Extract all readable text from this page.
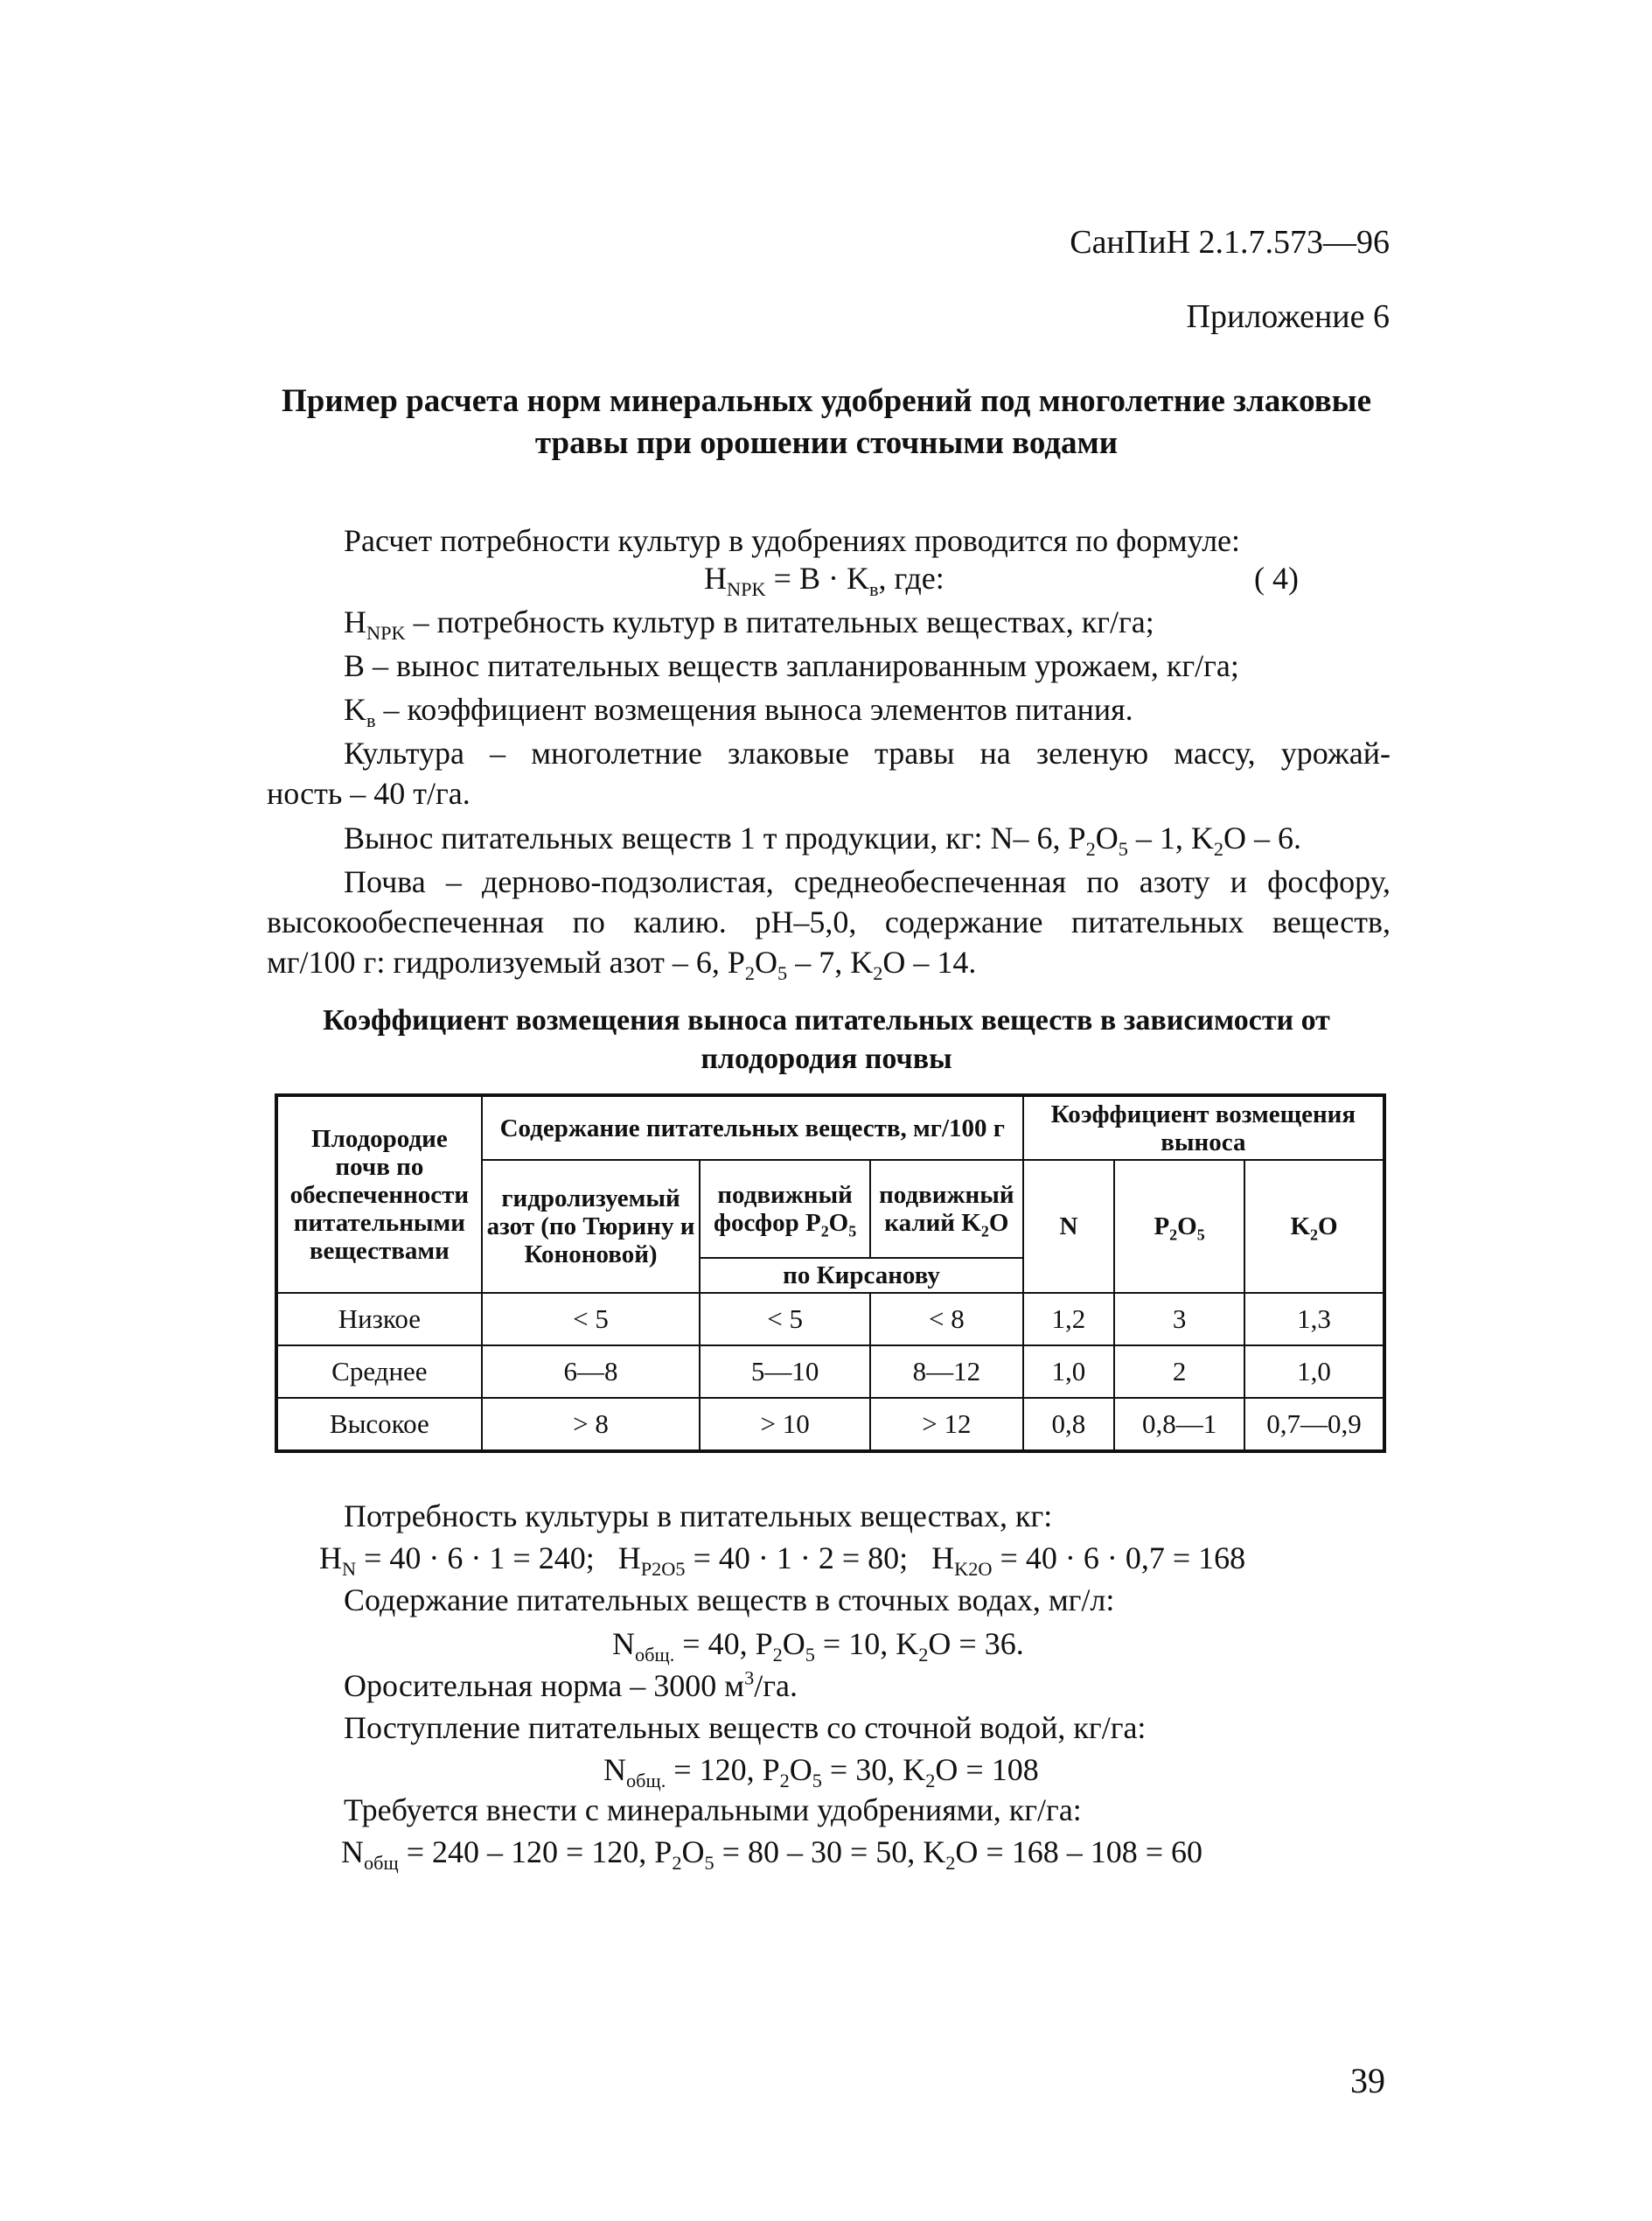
СанПиН 2.1.7.573—96
Приложение 6
Пример расчета норм минеральных удобрений под многолетние злаковые травы при орошении сточными водами
Расчет потребности культур в удобрениях проводится по формуле:
$H_{NPK} = B \cdot K_в$, где:	( 4)
$H_{NPK}$ – потребность культур в питательных веществах, кг/га;
B – вынос питательных веществ запланированным урожаем, кг/га;
$K_в$ – коэффициент возмещения выноса элементов питания.
Культура – многолетние злаковые травы на зеленую массу, урожай-
ность – 40 т/га.
Вынос питательных веществ 1 т продукции, кг: N– 6, $P_2O_5 - 1$, $K_2O - 6$.
Почва – дерново-подзолистая, среднеобеспеченная по азоту и фосфору,
высокообеспеченная по калию. pH–5,0, содержание питательных веществ,
мг/100 г: гидролизуемый азот – 6, $P_2O_5 - 7$, $K_2O - 14$.
Коэффициент возмещения выноса питательных веществ в зависимости от плодородия почвы
Плодородие почв по обеспеченности питательными веществами	Содержание питательных веществ, мг/100 г			Коэффициент возмещения выноса		
	гидролизуемый азот (по Тюрину и Кононовой)	подвижный фосфор $P_2O_5$	подвижный калий $K_2O$	N	$P_2O_5$	$K_2O$
		по Кирсанову				
Низкое	< 5	< 5	< 8	1,2	3	1,3
Среднее	6—8	5—10	8—12	1,0	2	1,0
Высокое	> 8	> 10	> 12	0,8	0,8—1	0,7—0,9
Потребность культуры в питательных веществах, кг:
$H_N = 40 \cdot 6 \cdot 1 = 240$; $H_{P2O5} = 40 \cdot 1 \cdot 2 = 80$; $H_{K2O} = 40 \cdot 6 \cdot 0,7 = 168$
Содержание питательных веществ в сточных водах, мг/л:
$N_{общ.} = 40$, $P_2O_5 = 10$, $K_2O = 36$.
Оросительная норма – 3000 $м^3/га$.
Поступление питательных веществ со сточной водой, кг/га:
$N_{общ.} = 120$, $P_2O_5 = 30$, $K_2O = 108$
Требуется внести с минеральными удобрениями, кг/га:
$N_{общ} = 240 - 120 = 120$, $P_2O_5 = 80 - 30 = 50$, $K_2O = 168 - 108 = 60$
39
